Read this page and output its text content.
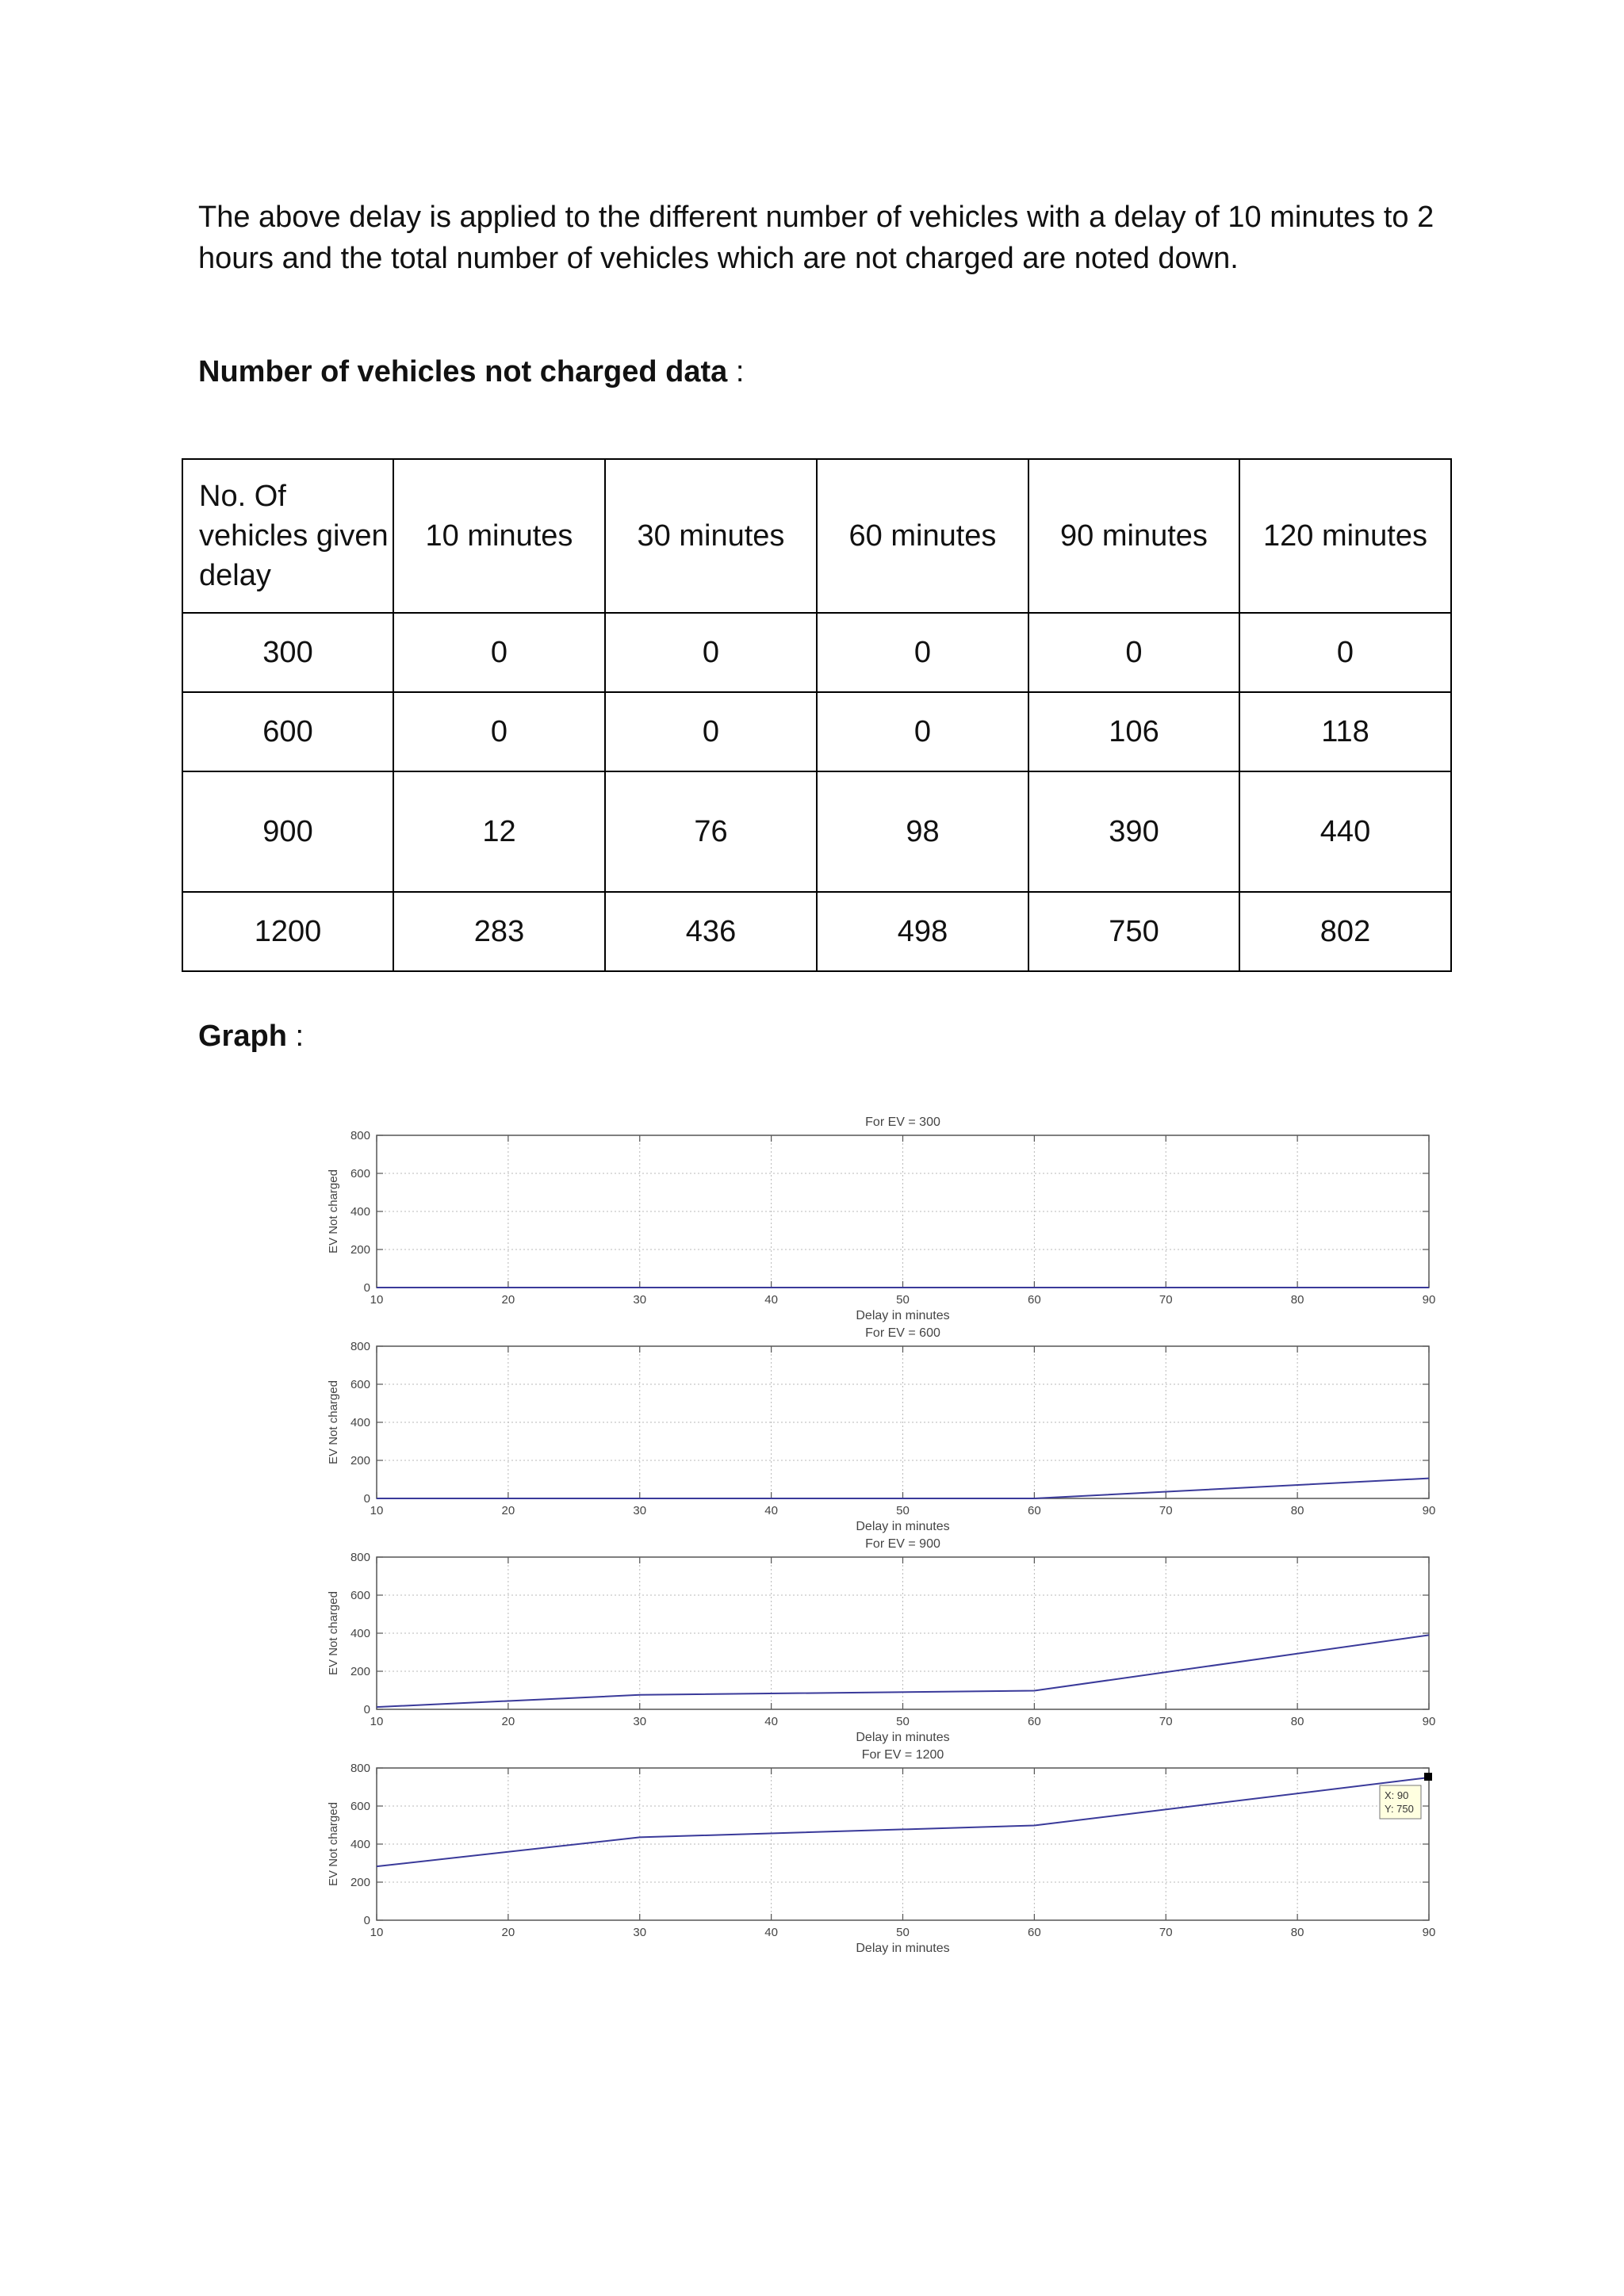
The above delay is applied to the different number of vehicles with a delay of 10 minutes to 2 hours and the total number of vehicles which are not charged are noted down.

Number of vehicles not charged data :
No. Of vehicles given delay	10 minutes	30 minutes	60 minutes	90 minutes	120 minutes
300	0	0	0	0	0
600	0	0	0	106	118
900	12	76	98	390	440
1200	283	436	498	750	802
Graph :
For EV = 300
10	20	30	40	50	60	70	80	90
0
200
400
600
800
EV Not charged
Delay in minutes
For EV = 600
10	20	30	40	50	60	70	80	90
0
200
400
600
800
EV Not charged
Delay in minutes
For EV = 900
10	20	30	40	50	60	70	80	90
0
200
400
600
800
EV Not charged
Delay in minutes
For EV = 1200
10	20	30	40	50	60	70	80	90
0
200
400
600
800
EV Not charged
Delay in minutes
X: 90
Y: 750
